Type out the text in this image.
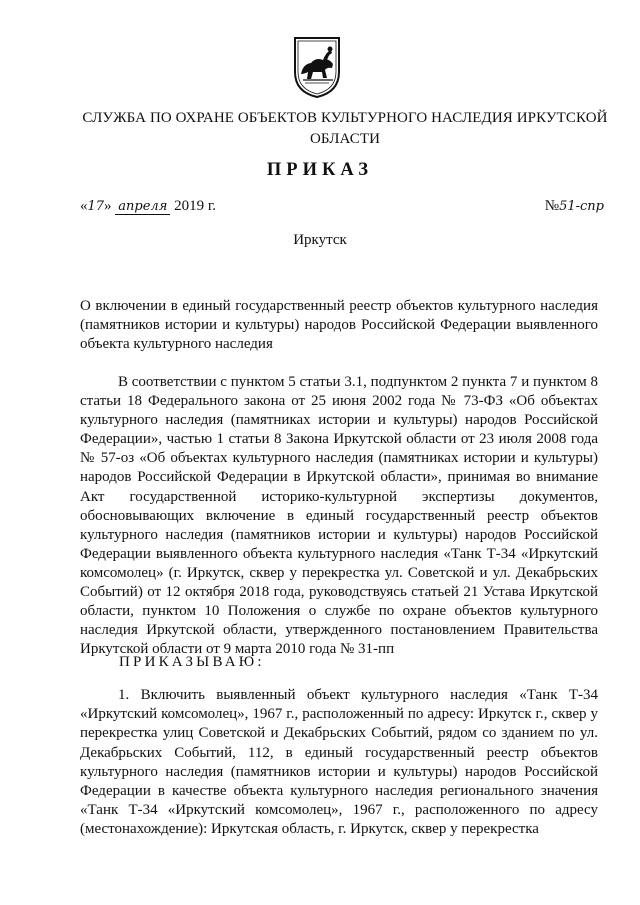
СЛУЖБА ПО ОХРАНЕ ОБЪЕКТОВ КУЛЬТУРНОГО НАСЛЕДИЯ ИРКУТСКОЙ ОБЛАСТИ
ПРИКАЗ
«17» апреля 2019 г.	№51-спр
Иркутск
О включении в единый государственный реестр объектов культурного наследия (памятников истории и культуры) народов Российской Федерации выявленного объекта культурного наследия
В соответствии с пунктом 5 статьи 3.1, подпунктом 2 пункта 7 и пунктом 8 статьи 18 Федерального закона от 25 июня 2002 года № 73-ФЗ «Об объектах культурного наследия (памятниках истории и культуры) народов Российской Федерации», частью 1 статьи 8 Закона Иркутской области от 23 июля 2008 года № 57-оз «Об объектах культурного наследия (памятниках истории и культуры) народов Российской Федерации в Иркутской области», принимая во внимание Акт государственной историко-культурной экспертизы документов, обосновывающих включение в единый государственный реестр объектов культурного наследия (памятников истории и культуры) народов Российской Федерации выявленного объекта культурного наследия «Танк Т-34 «Иркутский комсомолец» (г. Иркутск, сквер у перекрестка ул. Советской и ул. Декабрьских Событий) от 12 октября 2018 года, руководствуясь статьей 21 Устава Иркутской области, пунктом 10 Положения о службе по охране объектов культурного наследия Иркутской области, утвержденного постановлением Правительства Иркутской области от 9 марта 2010 года № 31-пп
ПРИКАЗЫВАЮ:
1. Включить выявленный объект культурного наследия «Танк Т-34 «Иркутский комсомолец», 1967 г., расположенный по адресу: Иркутск г., сквер у перекрестка улиц Советской и Декабрьских Событий, рядом со зданием по ул. Декабрьских Событий, 112, в единый государственный реестр объектов культурного наследия (памятников истории и культуры) народов Российской Федерации в качестве объекта культурного наследия регионального значения «Танк Т-34 «Иркутский комсомолец», 1967 г., расположенного по адресу (местонахождение): Иркутская область, г. Иркутск, сквер у перекрестка
